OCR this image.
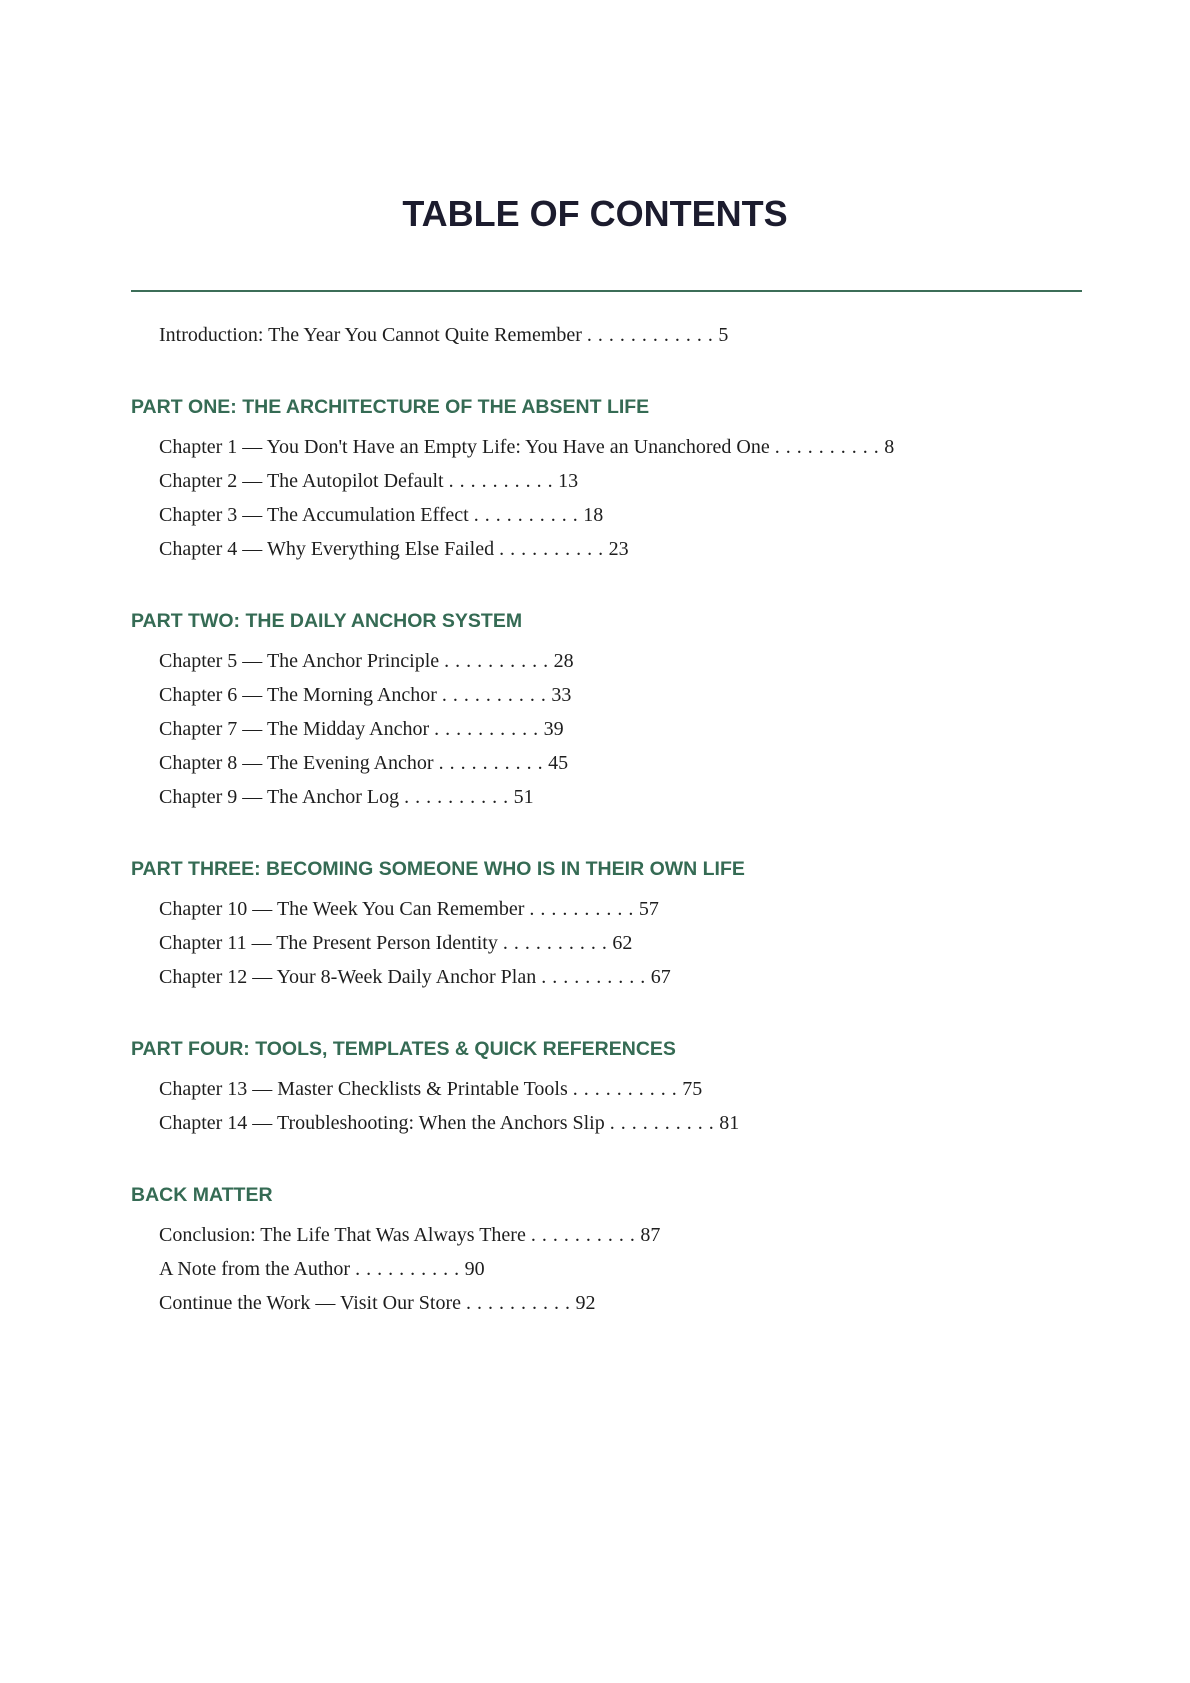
TABLE OF CONTENTS
Introduction: The Year You Cannot Quite Remember . . . . . . . . . . . . 5
PART ONE: THE ARCHITECTURE OF THE ABSENT LIFE
Chapter 1 — You Don't Have an Empty Life: You Have an Unanchored One . . . . . . . . . . 8
Chapter 2 — The Autopilot Default . . . . . . . . . . 13
Chapter 3 — The Accumulation Effect . . . . . . . . . . 18
Chapter 4 — Why Everything Else Failed . . . . . . . . . . 23
PART TWO: THE DAILY ANCHOR SYSTEM
Chapter 5 — The Anchor Principle . . . . . . . . . . 28
Chapter 6 — The Morning Anchor . . . . . . . . . . 33
Chapter 7 — The Midday Anchor . . . . . . . . . . 39
Chapter 8 — The Evening Anchor . . . . . . . . . . 45
Chapter 9 — The Anchor Log . . . . . . . . . . 51
PART THREE: BECOMING SOMEONE WHO IS IN THEIR OWN LIFE
Chapter 10 — The Week You Can Remember . . . . . . . . . . 57
Chapter 11 — The Present Person Identity . . . . . . . . . . 62
Chapter 12 — Your 8-Week Daily Anchor Plan . . . . . . . . . . 67
PART FOUR: TOOLS, TEMPLATES & QUICK REFERENCES
Chapter 13 — Master Checklists & Printable Tools . . . . . . . . . . 75
Chapter 14 — Troubleshooting: When the Anchors Slip . . . . . . . . . . 81
BACK MATTER
Conclusion: The Life That Was Always There . . . . . . . . . . 87
A Note from the Author . . . . . . . . . . 90
Continue the Work — Visit Our Store . . . . . . . . . . 92
